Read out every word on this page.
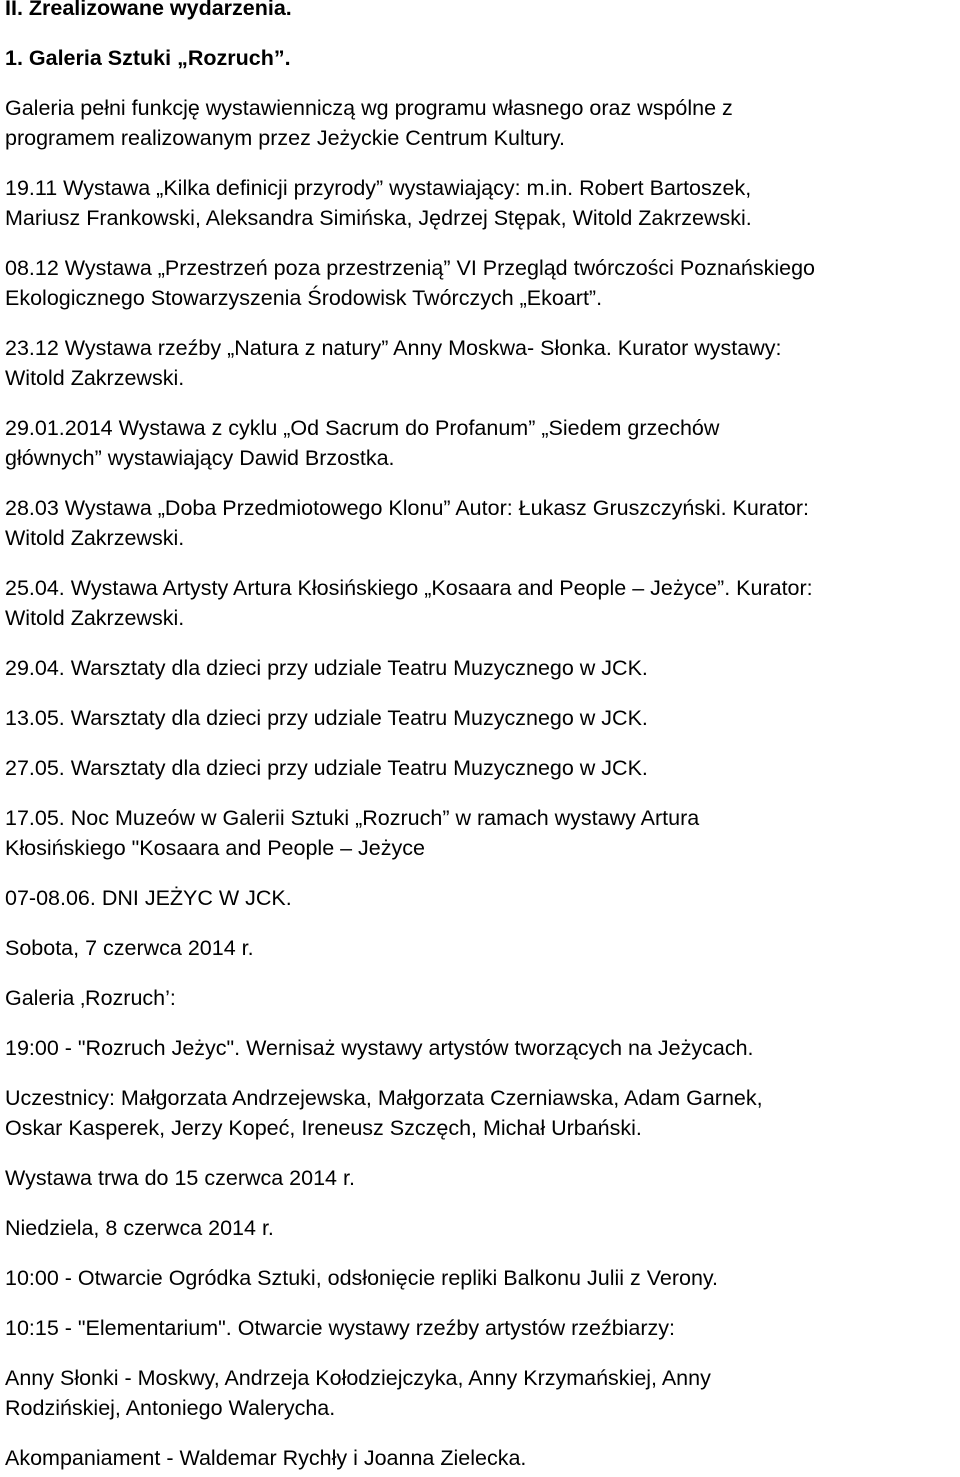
II. Zrealizowane wydarzenia.

1. Galeria Sztuki „Rozruch”.

Galeria pełni funkcję wystawienniczą wg programu własnego oraz wspólne z
programem realizowanym przez Jeżyckie Centrum Kultury.

19.11 Wystawa „Kilka definicji przyrody” wystawiający: m.in. Robert Bartoszek,
Mariusz Frankowski, Aleksandra Simińska, Jędrzej Stępak, Witold Zakrzewski.

08.12 Wystawa „Przestrzeń poza przestrzenią” VI Przegląd twórczości Poznańskiego
Ekologicznego Stowarzyszenia Środowisk Twórczych „Ekoart”.

23.12 Wystawa rzeźby „Natura z natury” Anny Moskwa- Słonka. Kurator wystawy:
Witold Zakrzewski.

29.01.2014 Wystawa z cyklu „Od Sacrum do Profanum” „Siedem grzechów
głównych” wystawiający Dawid Brzostka.

28.03 Wystawa „Doba Przedmiotowego Klonu” Autor: Łukasz Gruszczyński. Kurator:
Witold Zakrzewski.

25.04. Wystawa Artysty Artura Kłosińskiego „Kosaara and People – Jeżyce”. Kurator:
Witold Zakrzewski.

29.04. Warsztaty dla dzieci przy udziale Teatru Muzycznego w JCK.

13.05. Warsztaty dla dzieci przy udziale Teatru Muzycznego w JCK.

27.05. Warsztaty dla dzieci przy udziale Teatru Muzycznego w JCK.

17.05. Noc Muzeów w Galerii Sztuki „Rozruch” w ramach wystawy Artura
Kłosińskiego "Kosaara and People – Jeżyce

07-08.06. DNI JEŻYC W JCK.

Sobota, 7 czerwca 2014 r.

Galeria ‚Rozruch’:

19:00 - "Rozruch Jeżyc". Wernisaż wystawy artystów tworzących na Jeżycach.

Uczestnicy: Małgorzata Andrzejewska, Małgorzata Czerniawska, Adam Garnek,
Oskar Kasperek, Jerzy Kopeć, Ireneusz Szczęch, Michał Urbański.

Wystawa trwa do 15 czerwca 2014 r.

Niedziela, 8 czerwca 2014 r.

10:00 - Otwarcie Ogródka Sztuki, odsłonięcie repliki Balkonu Julii z Verony.

10:15 - "Elementarium". Otwarcie wystawy rzeźby artystów rzeźbiarzy:

Anny Słonki - Moskwy, Andrzeja Kołodziejczyka, Anny Krzymańskiej, Anny
Rodzińskiej, Antoniego Walerycha.

Akompaniament - Waldemar Rychły i Joanna Zielecka.
